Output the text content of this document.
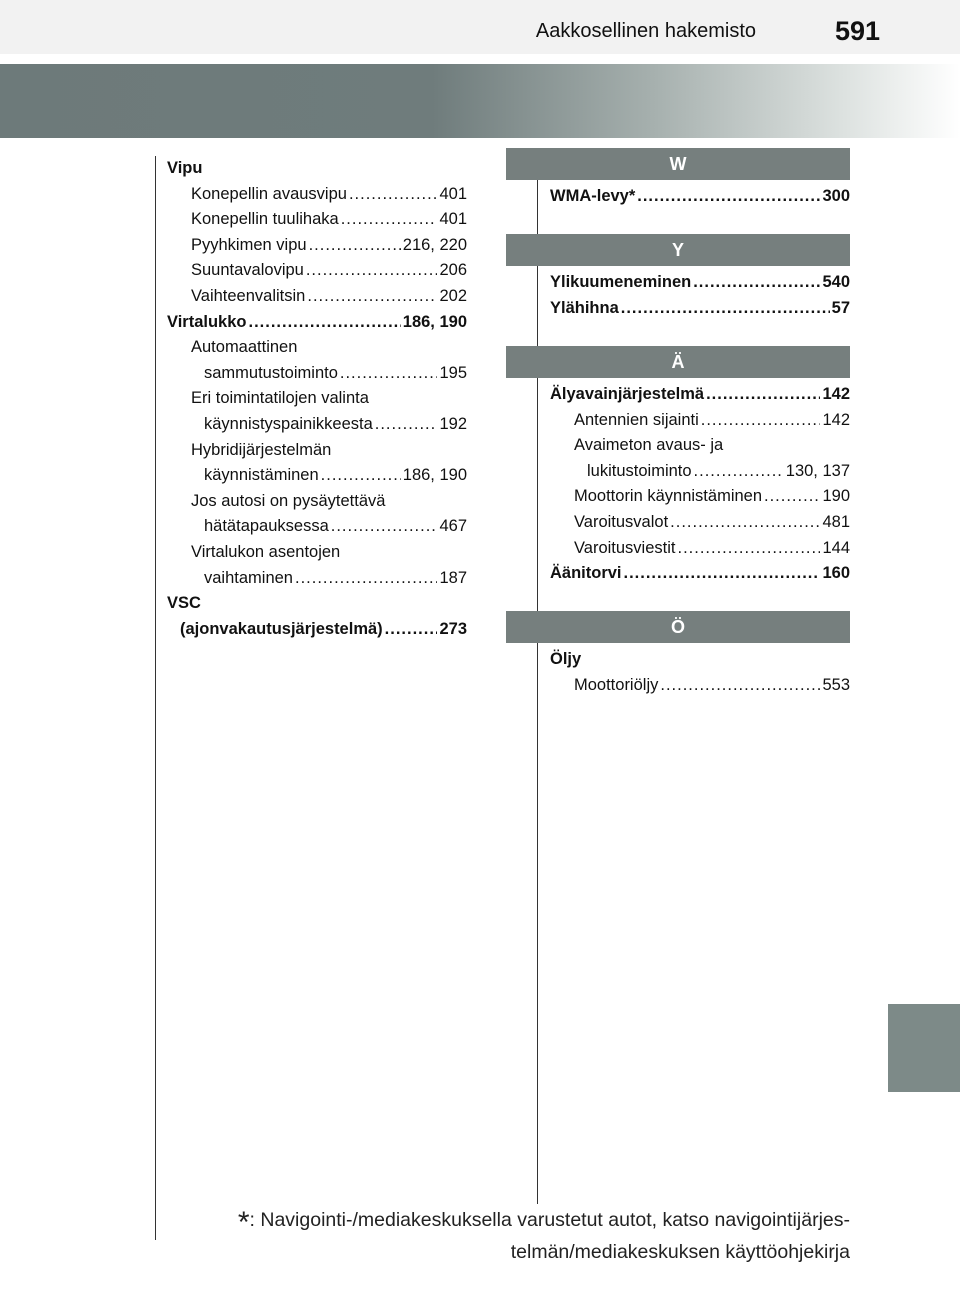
Aakkosellinen hakemisto	591
Vipu
Konepellin avausvipu .....	401
Konepellin tuulihaka .....	401
Pyyhkimen vipu .....	216, 220
Suuntavalovipu .....	206
Vaihteenvalitsin .....	202
Virtalukko .....	186, 190
Automaattinen
sammutustoiminto .....	195
Eri toimintatilojen valinta
käynnistyspainikkeesta .....	192
Hybridijärjestelmän
käynnistäminen .....	186, 190
Jos autosi on pysäytettävä
hätätapauksessa .....	467
Virtalukon asentojen
vaihtaminen .....	187
VSC
(ajonvakautusjärjestelmä) .....	273
W
WMA-levy* .....	300
Y
Ylikuumeneminen .....	540
Ylähihna .....	57
Ä
Älyavainjärjestelmä .....	142
Antennien sijainti .....	142
Avaimeton avaus- ja
lukitustoiminto .....	130, 137
Moottorin käynnistäminen .....	190
Varoitusvalot .....	481
Varoitusviestit .....	144
Äänitorvi .....	160
Ö
Öljy
Moottoriöljy .....	553
*: Navigointi-/mediakeskuksella varustetut autot, katso navigointijärjes-
telmän/mediakeskuksen käyttöohjekirja
